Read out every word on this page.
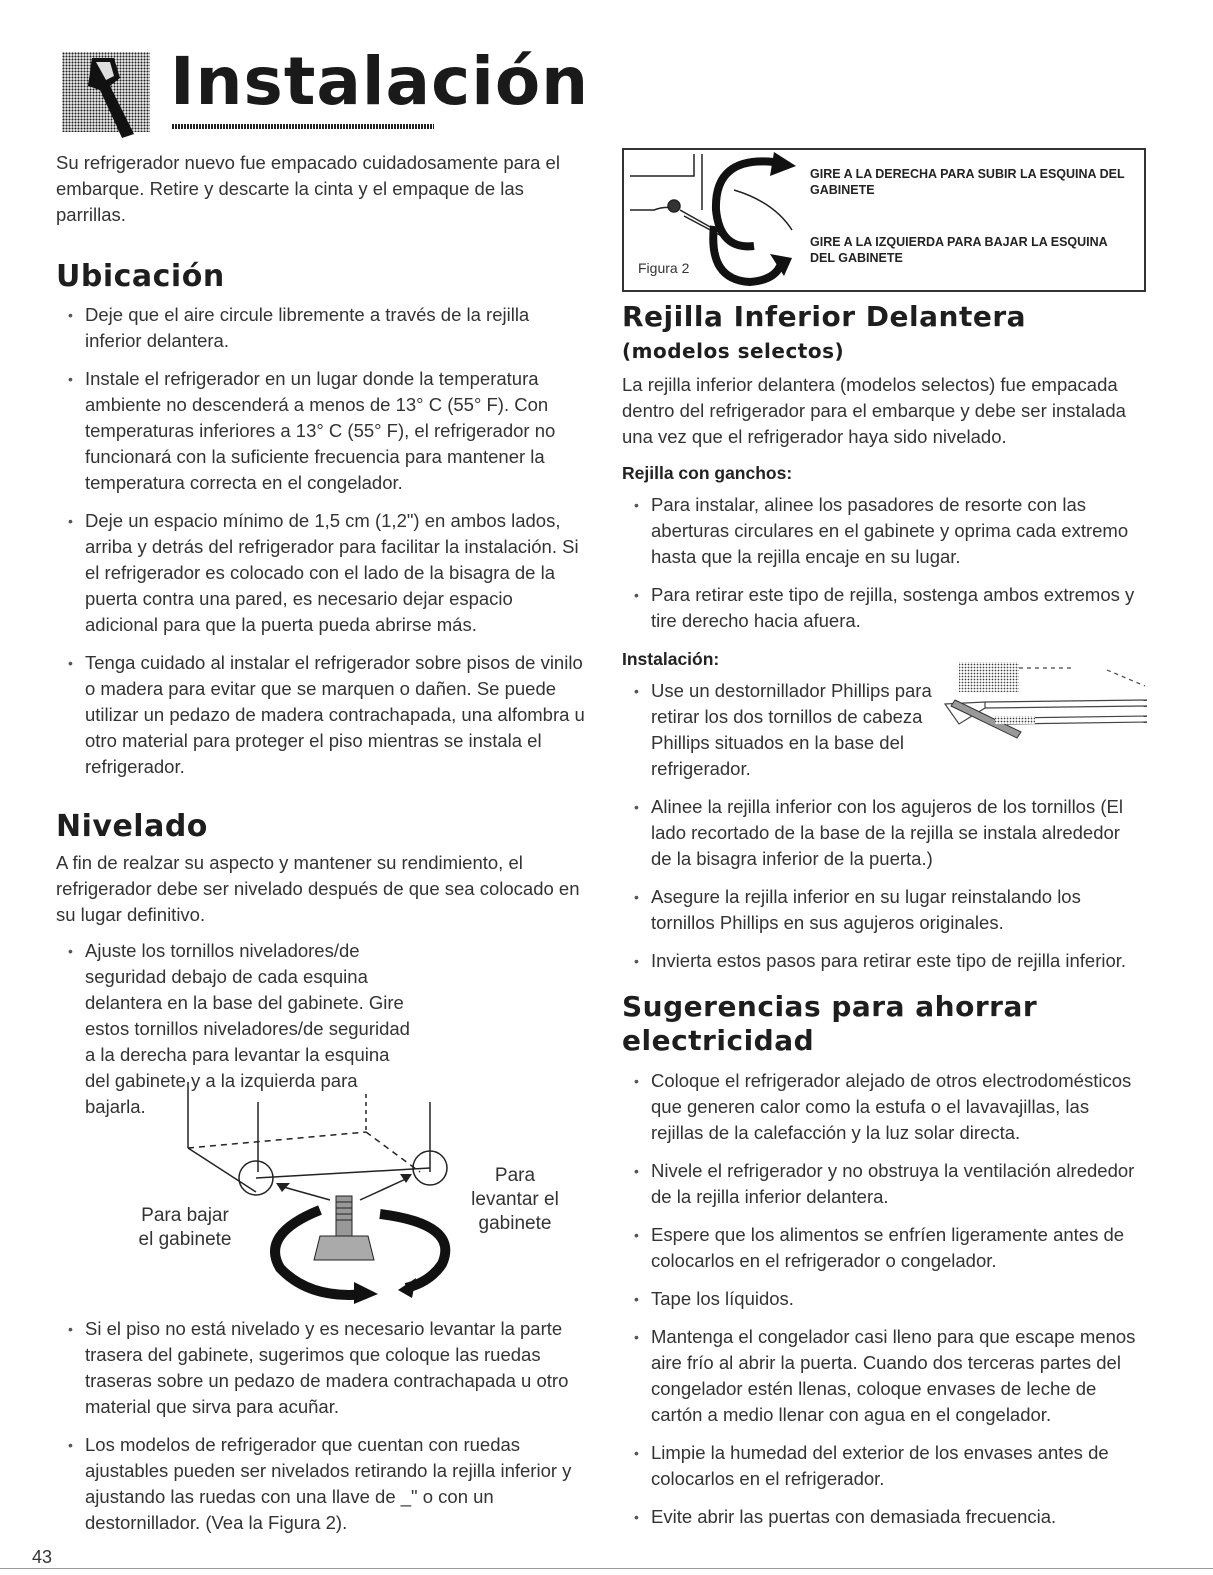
Instalación

Su refrigerador nuevo fue empacado cuidadosamente para el embarque. Retire y descarte la cinta y el empaque de las parrillas.

Ubicación
• Deje que el aire circule libremente a través de la rejilla inferior delantera.
• Instale el refrigerador en un lugar donde la temperatura ambiente no descenderá a menos de 13° C (55° F). Con temperaturas inferiores a 13° C (55° F), el refrigerador no funcionará con la suficiente frecuencia para mantener la temperatura correcta en el congelador.
• Deje un espacio mínimo de 1,5 cm (1,2") en ambos lados, arriba y detrás del refrigerador para facilitar la instalación. Si el refrigerador es colocado con el lado de la bisagra de la puerta contra una pared, es necesario dejar espacio adicional para que la puerta pueda abrirse más.
• Tenga cuidado al instalar el refrigerador sobre pisos de vinilo o madera para evitar que se marquen o dañen. Se puede utilizar un pedazo de madera contrachapada, una alfombra u otro material para proteger el piso mientras se instala el refrigerador.
Nivelado

A fin de realzar su aspecto y mantener su rendimiento, el refrigerador debe ser nivelado después de que sea colocado en su lugar definitivo.

• Ajuste los tornillos niveladores/de seguridad debajo de cada esquina delantera en la base del gabinete. Gire estos tornillos niveladores/de seguridad a la derecha para levantar la esquina del gabinete y a la izquierda para bajarla.
Para bajar
el gabinete
Para
levantar el
gabinete
• Si el piso no está nivelado y es necesario levantar la parte trasera del gabinete, sugerimos que coloque las ruedas traseras sobre un pedazo de madera contrachapada u otro material que sirva para acuñar.
• Los modelos de refrigerador que cuentan con ruedas ajustables pueden ser nivelados retirando la rejilla inferior y ajustando las ruedas con una llave de _" o con un destornillador. (Vea la Figura 2).
GIRE A LA DERECHA PARA SUBIR LA ESQUINA DEL GABINETE
GIRE A LA IZQUIERDA PARA BAJAR LA ESQUINA DEL GABINETE
Figura 2
Rejilla Inferior Delantera
(modelos selectos)

La rejilla inferior delantera (modelos selectos) fue empacada dentro del refrigerador para el embarque y debe ser instalada una vez que el refrigerador haya sido nivelado.

Rejilla con ganchos:
• Para instalar, alinee los pasadores de resorte con las aberturas circulares en el gabinete y oprima cada extremo hasta que la rejilla encaje en su lugar.
• Para retirar este tipo de rejilla, sostenga ambos extremos y tire derecho hacia afuera.
Instalación:
• Use un destornillador Phillips para retirar los dos tornillos de cabeza Phillips situados en la base del refrigerador.
• Alinee la rejilla inferior con los agujeros de los tornillos (El lado recortado de la base de la rejilla se instala alrededor de la bisagra inferior de la puerta.)
• Asegure la rejilla inferior en su lugar reinstalando los tornillos Phillips en sus agujeros originales.
• Invierta estos pasos para retirar este tipo de rejilla inferior.
Sugerencias para ahorrar electricidad
• Coloque el refrigerador alejado de otros electrodomésticos que generen calor como la estufa o el lavavajillas, las rejillas de la calefacción y la luz solar directa.
• Nivele el refrigerador y no obstruya la ventilación alrededor de la rejilla inferior delantera.
• Espere que los alimentos se enfríen ligeramente antes de colocarlos en el refrigerador o congelador.
• Tape los líquidos.
• Mantenga el congelador casi lleno para que escape menos aire frío al abrir la puerta. Cuando dos terceras partes del congelador estén llenas, coloque envases de leche de cartón a medio llenar con agua en el congelador.
• Limpie la humedad del exterior de los envases antes de colocarlos en el refrigerador.
• Evite abrir las puertas con demasiada frecuencia.
43
